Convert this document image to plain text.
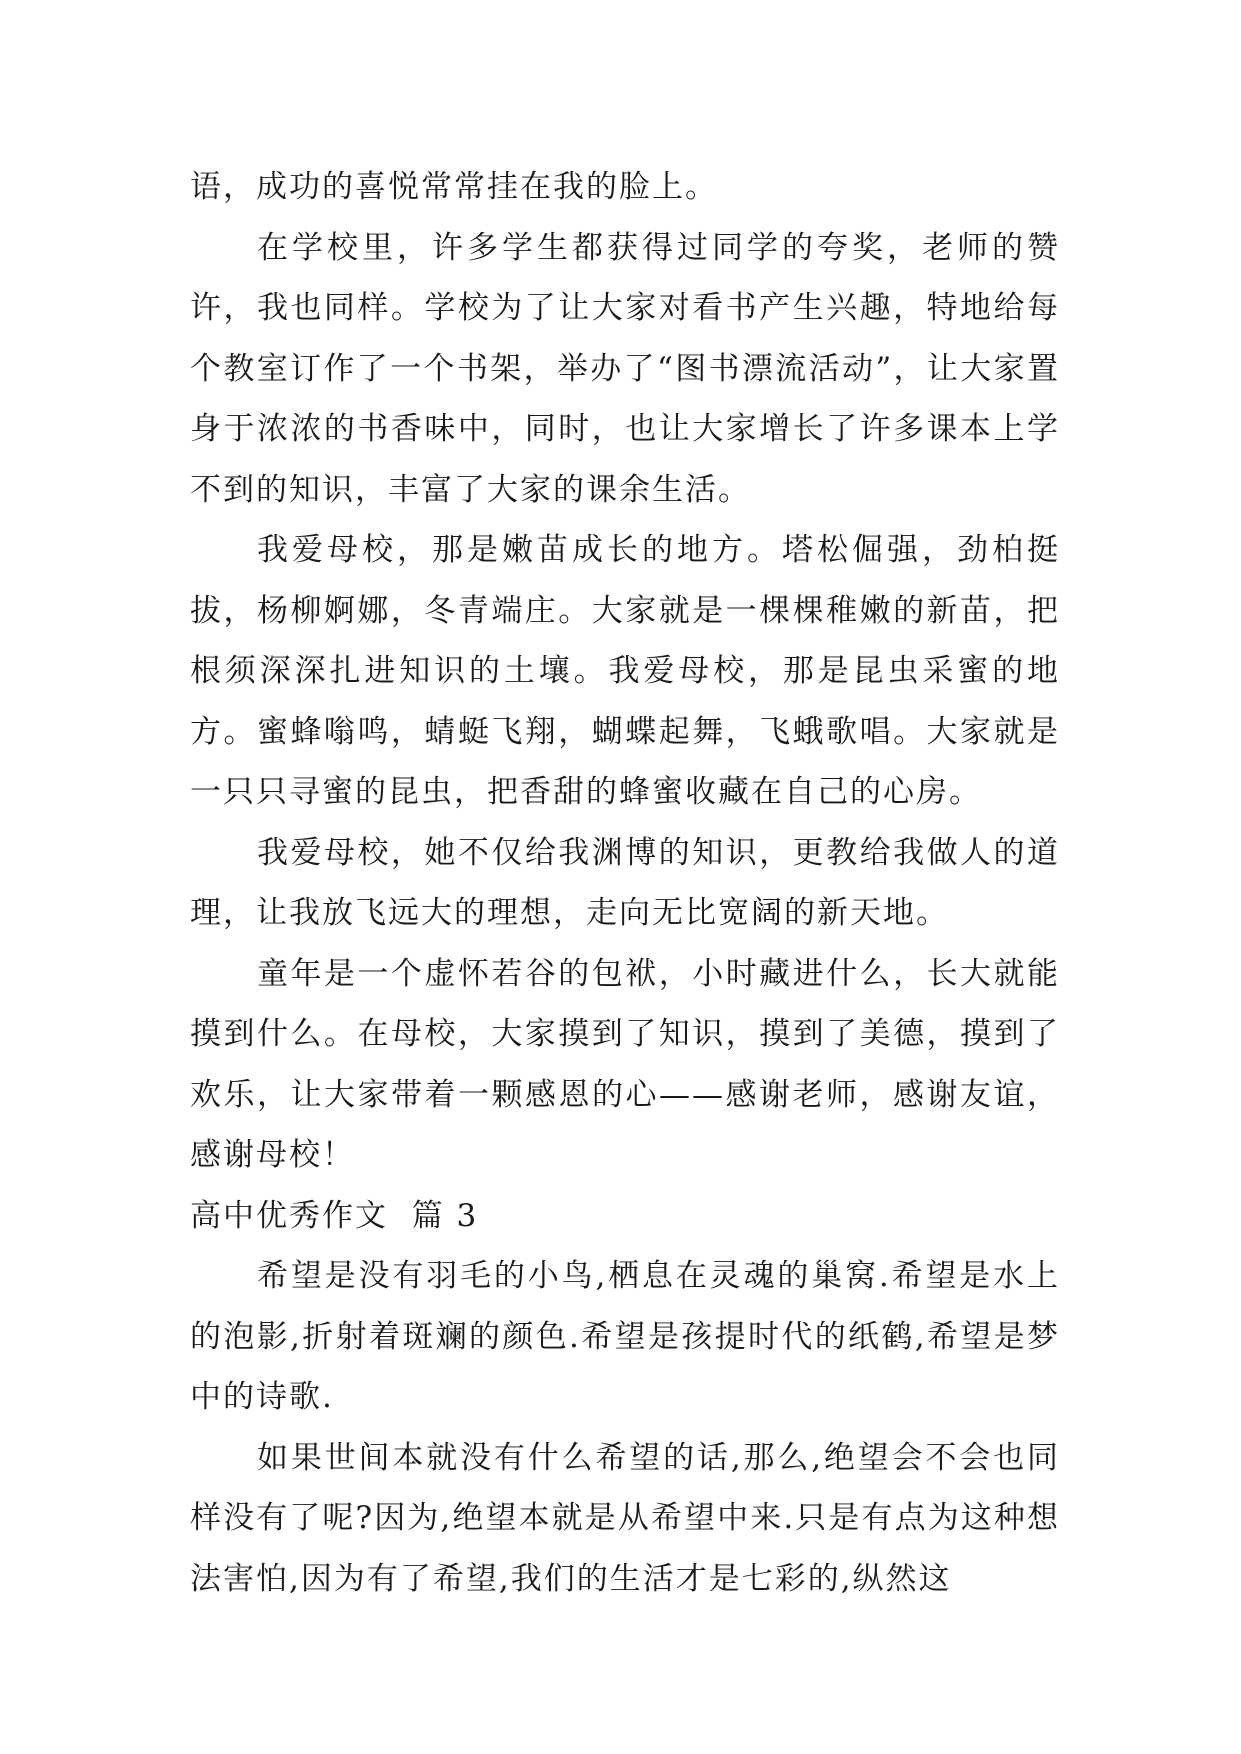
语，成功的喜悦常常挂在我的脸上。

在学校里，许多学生都获得过同学的夸奖，老师的赞许，我也同样。学校为了让大家对看书产生兴趣，特地给每个教室订作了一个书架，举办了“图书漂流活动”，让大家置身于浓浓的书香味中，同时，也让大家增长了许多课本上学不到的知识，丰富了大家的课余生活。

我爱母校，那是嫩苗成长的地方。塔松倔强，劲柏挺拔，杨柳婀娜，冬青端庄。大家就是一棵棵稚嫩的新苗，把根须深深扎进知识的土壤。我爱母校，那是昆虫采蜜的地方。蜜蜂嗡鸣，蜻蜓飞翔，蝴蝶起舞，飞蛾歌唱。大家就是一只只寻蜜的昆虫，把香甜的蜂蜜收藏在自己的心房。

我爱母校，她不仅给我渊博的知识，更教给我做人的道理，让我放飞远大的理想，走向无比宽阔的新天地。

童年是一个虚怀若谷的包袱，小时藏进什么，长大就能摸到什么。在母校，大家摸到了知识，摸到了美德，摸到了欢乐，让大家带着一颗感恩的心——感谢老师，感谢友谊，感谢母校！

高中优秀作文  篇 3

希望是没有羽毛的小鸟,栖息在灵魂的巢窝.希望是水上的泡影,折射着斑斓的颜色.希望是孩提时代的纸鹤,希望是梦中的诗歌.

如果世间本就没有什么希望的话,那么,绝望会不会也同样没有了呢?因为,绝望本就是从希望中来.只是有点为这种想法害怕,因为有了希望,我们的生活才是七彩的,纵然这
